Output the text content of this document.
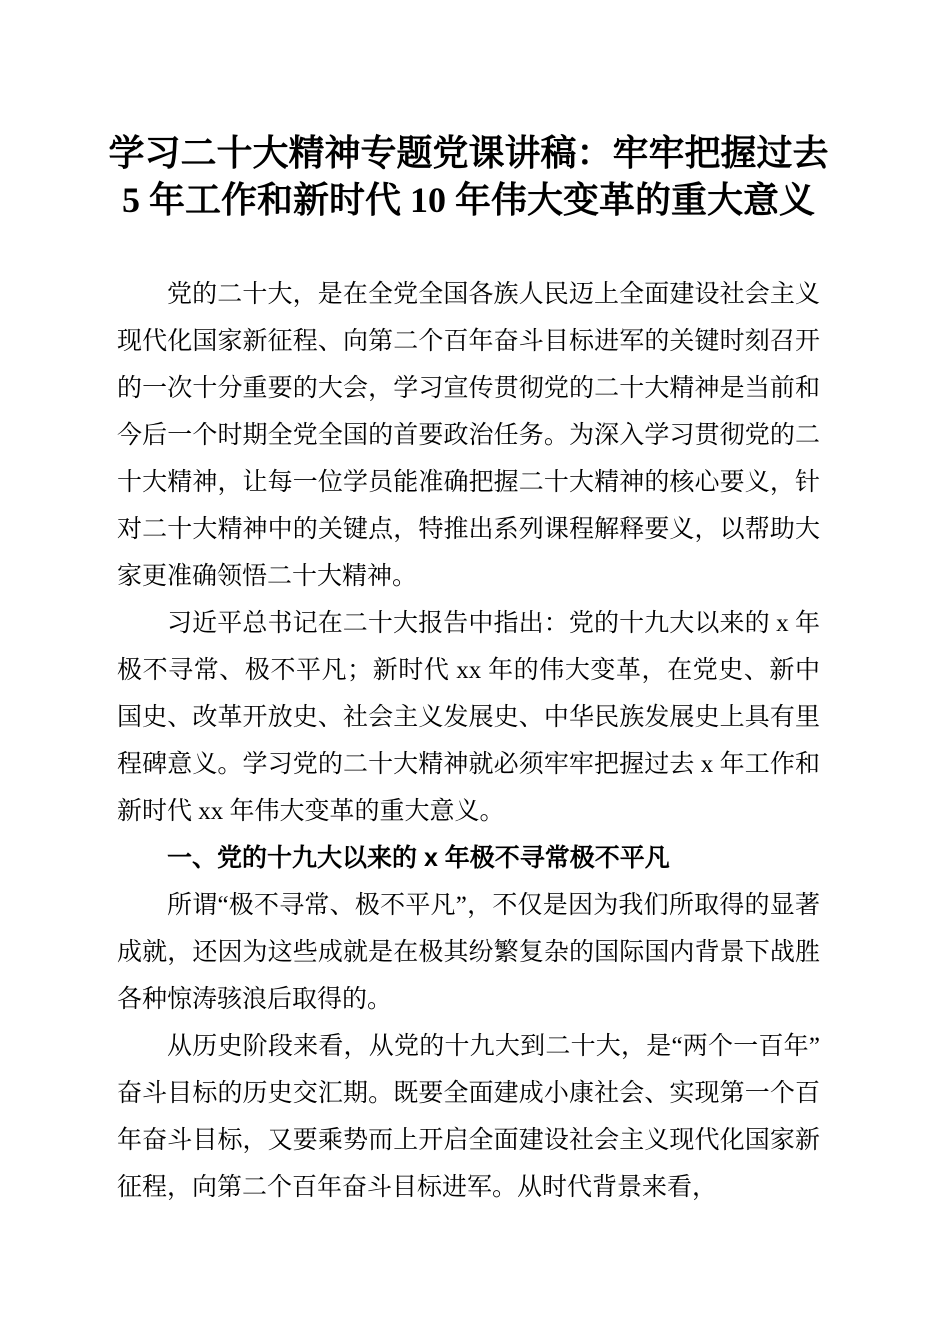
学习二十大精神专题党课讲稿：牢牢把握过去
5 年工作和新时代 10 年伟大变革的重大意义

党的二十大，是在全党全国各族人民迈上全面建设社会主义现代化国家新征程、向第二个百年奋斗目标进军的关键时刻召开的一次十分重要的大会，学习宣传贯彻党的二十大精神是当前和今后一个时期全党全国的首要政治任务。为深入学习贯彻党的二十大精神，让每一位学员能准确把握二十大精神的核心要义，针对二十大精神中的关键点，特推出系列课程解释要义，以帮助大家更准确领悟二十大精神。

习近平总书记在二十大报告中指出：党的十九大以来的 x 年极不寻常、极不平凡；新时代 xx 年的伟大变革，在党史、新中国史、改革开放史、社会主义发展史、中华民族发展史上具有里程碑意义。学习党的二十大精神就必须牢牢把握过去 x 年工作和新时代 xx 年伟大变革的重大意义。

一、党的十九大以来的 x 年极不寻常极不平凡

所谓“极不寻常、极不平凡”，不仅是因为我们所取得的显著成就，还因为这些成就是在极其纷繁复杂的国际国内背景下战胜各种惊涛骇浪后取得的。

从历史阶段来看，从党的十九大到二十大，是“两个一百年”奋斗目标的历史交汇期。既要全面建成小康社会、实现第一个百年奋斗目标，又要乘势而上开启全面建设社会主义现代化国家新征程，向第二个百年奋斗目标进军。从时代背景来看，
